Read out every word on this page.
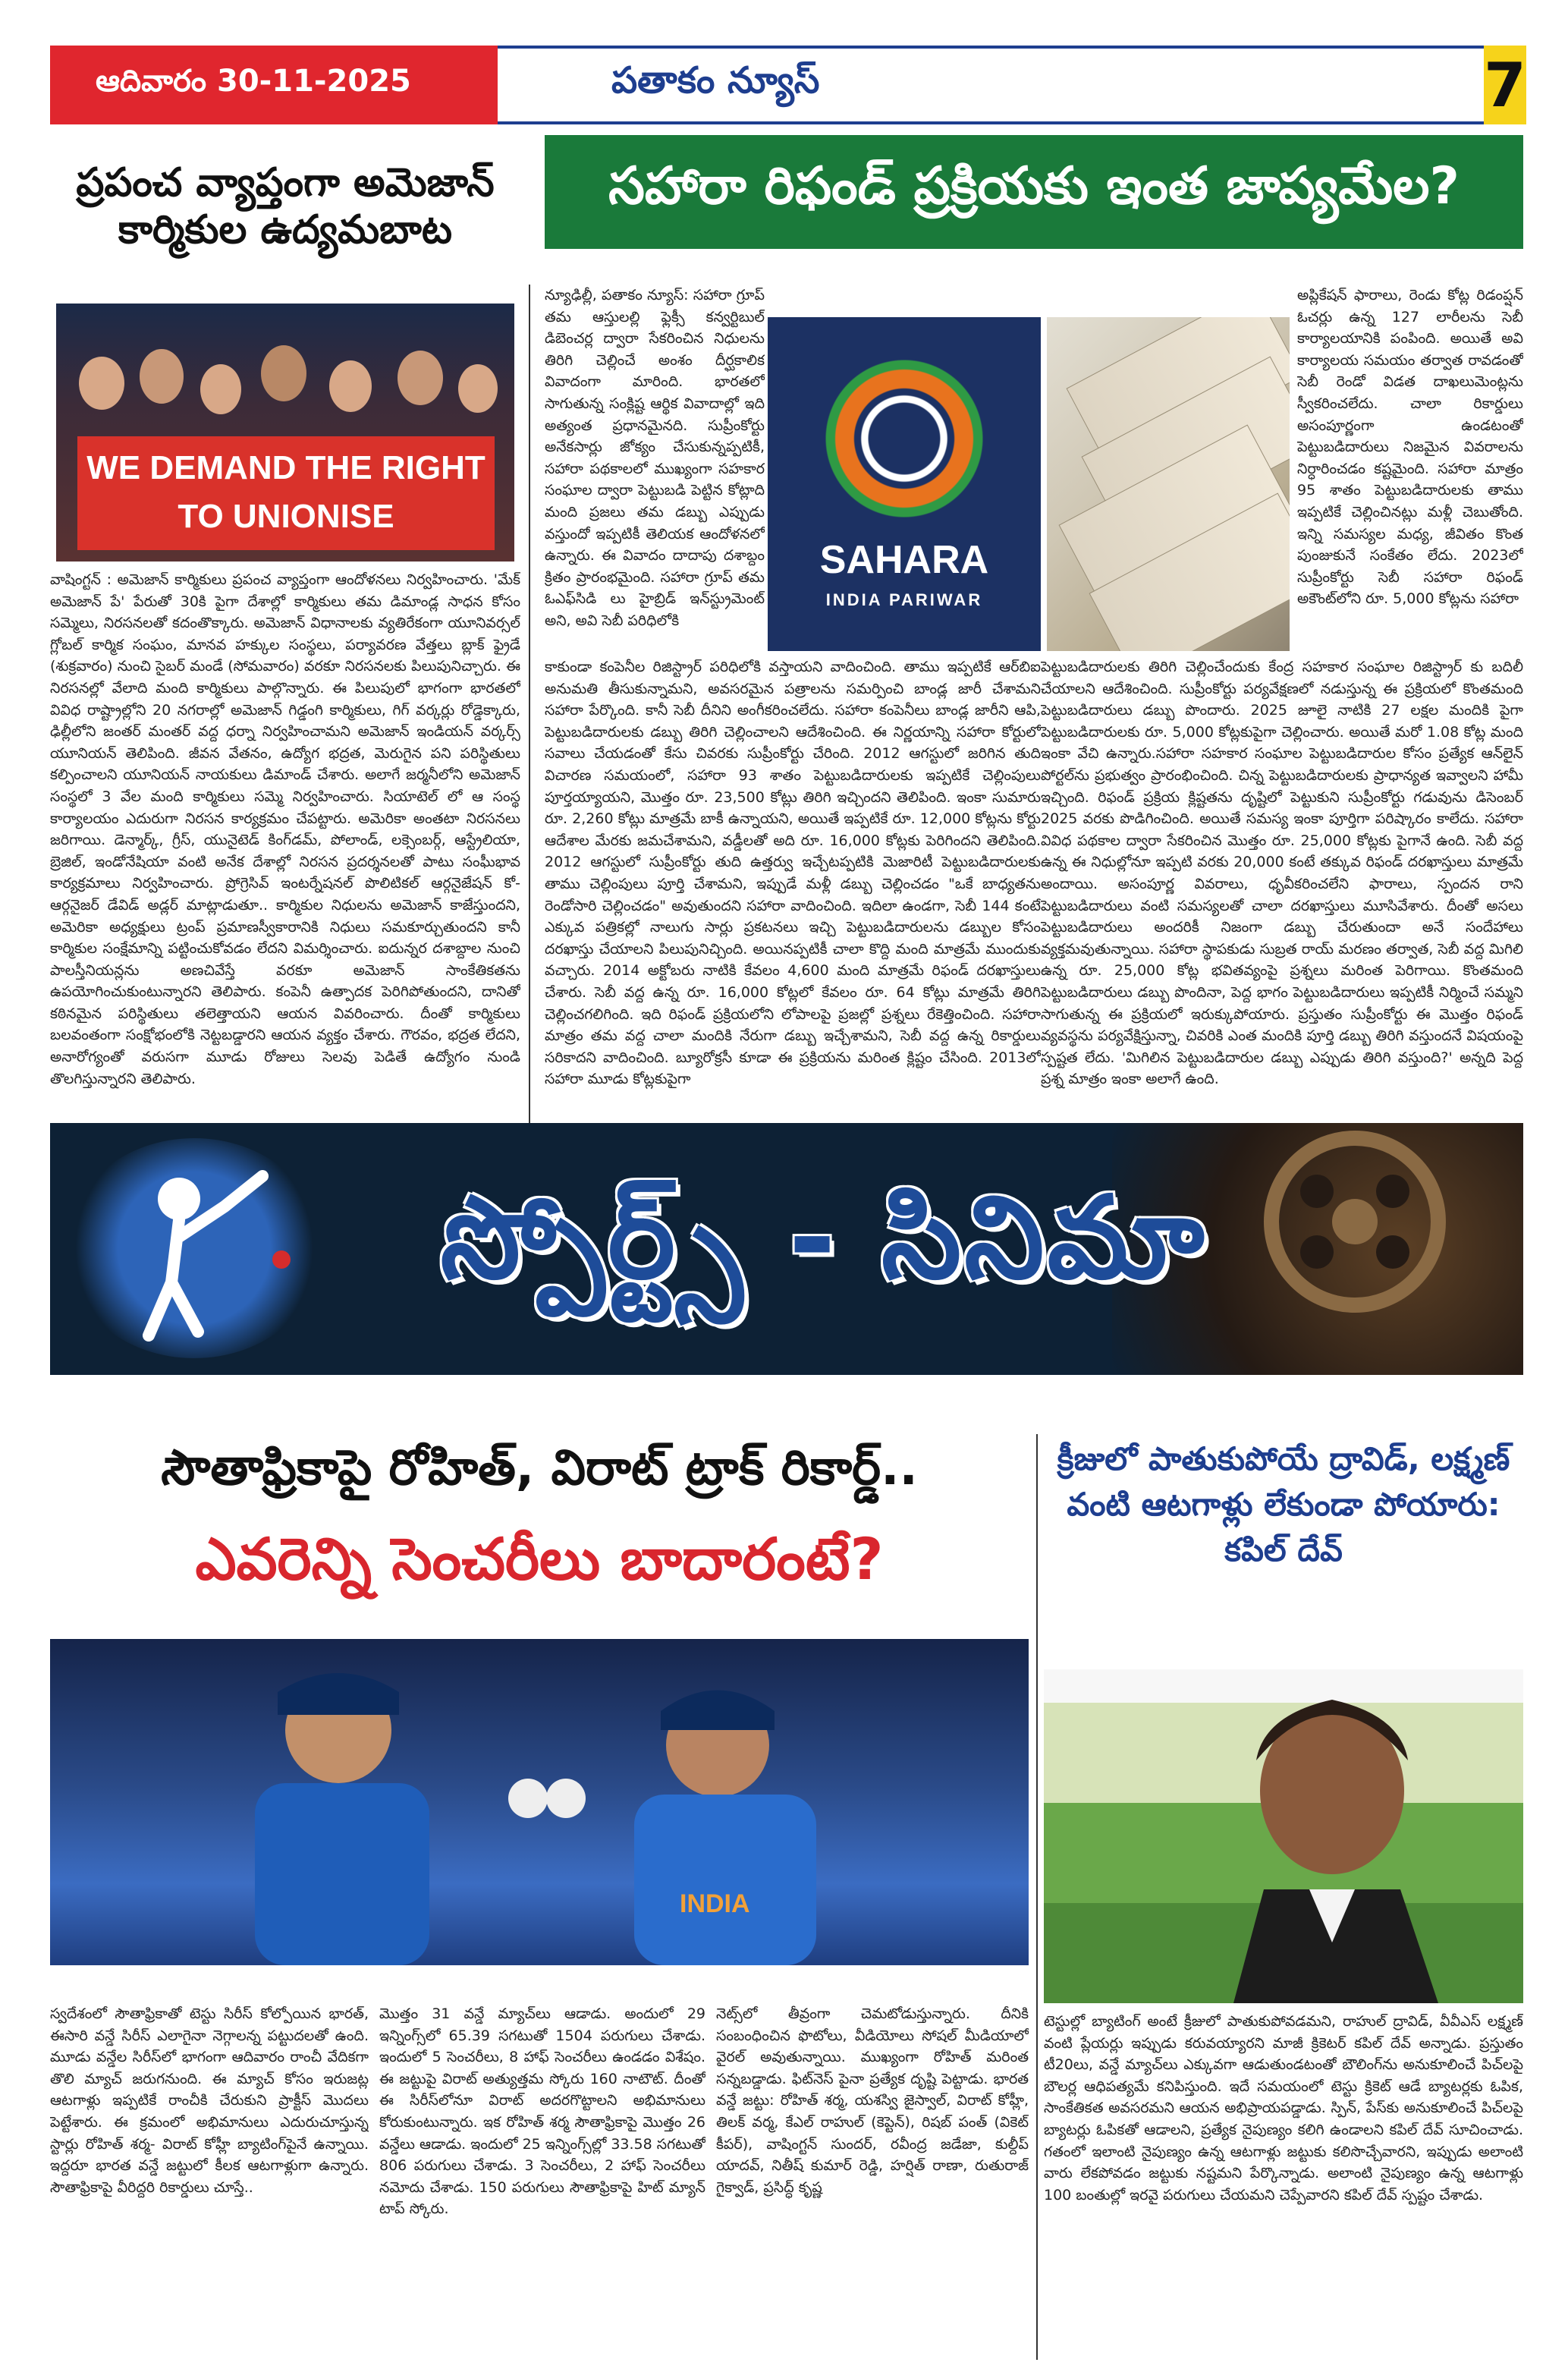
ఆదివారం 30-11-2025	పతాకం న్యూస్	7
ప్రపంచ వ్యాప్తంగా అమెజాన్ కార్మికుల ఉద్యమబాట
WE DEMAND THE RIGHT TO UNIONISE
వాషింగ్టన్ : అమెజాన్ కార్మికులు ప్రపంచ వ్యాప్తంగా ఆందోళనలు నిర్వహించారు. 'మేక్ అమెజాన్ పే' పేరుతో 30కి పైగా దేశాల్లో కార్మికులు తమ డిమాండ్ల సాధన కోసం సమ్మెలు, నిరసనలతో కదంతొక్కారు. అమెజాన్ విధానాలకు వ్యతిరేకంగా యూనివర్సల్ గ్లోబల్ కార్మిక సంఘం, మానవ హక్కుల సంస్థలు, పర్యావరణ వేత్తలు బ్లాక్ ఫ్రైడే (శుక్రవారం) నుంచి సైబర్ మండే (సోమవారం) వరకూ నిరసనలకు పిలుపునిచ్చారు. ఈ నిరసనల్లో వేలాది మంది కార్మికులు పాల్గొన్నారు. ఈ పిలుపులో భాగంగా భారతలో వివిధ రాష్ట్రాల్లోని 20 నగరాల్లో అమెజాన్ గిడ్డంగి కార్మికులు, గిగ్ వర్కర్లు రోడ్డెక్కారు, ఢిల్లీలోని జంతర్ మంతర్ వద్ద ధర్నా నిర్వహించామని అమెజాన్ ఇండియన్ వర్కర్స్ యూనియన్ తెలిపింది. జీవన వేతనం, ఉద్యోగ భద్రత, మెరుగైన పని పరిస్థితులు కల్పించాలని యూనియన్ నాయకులు డిమాండ్ చేశారు. అలాగే జర్మనీలోని అమెజాన్ సంస్థలో 3 వేల మంది కార్మికులు సమ్మె నిర్వహించారు. సియాటెల్ లో ఆ సంస్థ కార్యాలయం ఎదురుగా నిరసన కార్యక్రమం చేపట్టారు. అమెరికా అంతటా నిరసనలు జరిగాయి. డెన్మార్క్, గ్రీస్, యునైటెడ్ కింగ్‌డమ్, పోలాండ్, లక్సెంబర్గ్, ఆస్ట్రేలియా, బ్రెజిల్, ఇండోనేషియా వంటి అనేక దేశాల్లో నిరసన ప్రదర్శనలతో పాటు సంఘీభావ కార్యక్రమాలు నిర్వహించారు. ప్రోగ్రెసివ్ ఇంటర్నేషనల్ పొలిటికల్ ఆర్గనైజేషన్ కో-ఆర్గనైజర్ డేవిడ్ అడ్లర్ మాట్లాడుతూ.. కార్మికుల నిధులను అమెజాన్ కాజేస్తుందని, అమెరికా అధ్యక్షులు ట్రంప్ ప్రమాణస్వీకారానికి నిధులు సమకూర్చుతుందని కానీ కార్మికుల సంక్షేమాన్ని పట్టించుకోవడం లేదని విమర్శించారు. ఐదున్నర దశాబ్దాల నుంచి పాలస్తీనియన్లను అణచివేస్తే వరకూ అమెజాన్ సాంకేతికతను ఉపయోగించుకుంటున్నారని తెలిపారు. కంపెనీ ఉత్పాదక పెరిగిపోతుందని, దానితో కఠినమైన పరిస్థితులు తలెత్తాయని ఆయన వివరించారు. దీంతో కార్మికులు బలవంతంగా సంక్షోభంలోకి నెట్టబడ్డారని ఆయన వ్యక్తం చేశారు. గౌరవం, భద్రత లేదని, అనారోగ్యంతో వరుసగా మూడు రోజులు సెలవు పెడితే ఉద్యోగం నుండి తొలగిస్తున్నారని తెలిపారు.
సహారా రిఫండ్ ప్రక్రియకు ఇంత జాప్యమేల?
న్యూఢిల్లీ, పతాకం న్యూస్: సహారా గ్రూప్ తమ ఆస్తులల్లి ఫ్లెక్సీ కన్వర్టిబుల్ డిబెంచర్ల ద్వారా సేకరించిన నిధులను తిరిగి చెల్లించే అంశం దీర్ఘకాలిక వివాదంగా మారింది. భారతలో సాగుతున్న సంక్లిష్ట ఆర్థిక వివాదాల్లో ఇది అత్యంత ప్రధానమైనది. సుప్రీంకోర్టు అనేకసార్లు జోక్యం చేసుకున్నప్పటికీ, సహారా పథకాలలో ముఖ్యంగా సహకార సంఘాల ద్వారా పెట్టుబడి పెట్టిన కోట్లాది మంది ప్రజలు తమ డబ్బు ఎప్పుడు వస్తుందో ఇప్పటికీ తెలియక ఆందోళనలో ఉన్నారు. ఈ వివాదం దాదాపు దశాబ్దం క్రితం ప్రారంభమైంది. సహారా గ్రూప్ తమ ఓఎఫ్‌సిడి లు హైబ్రిడ్ ఇన్‌స్ట్రుమెంట్ అని, అవి సెబీ పరిధిలోకి
SAHARA
INDIA PARIWAR
అప్లికేషన్ ఫారాలు, రెండు కోట్ల రిడంప్షన్ ఓచర్లు ఉన్న 127 లారీలను సెబీ కార్యాలయానికి పంపింది. అయితే అవి కార్యాలయ సమయం తర్వాత రావడంతో సెబీ రెండో విడత దాఖలుమెంట్లను స్వీకరించలేదు. చాలా రికార్డులు అసంపూర్ణంగా ఉండటంతో పెట్టుబడిదారులు నిజమైన వివరాలను నిర్ధారించడం కష్టమైంది. సహారా మాత్రం 95 శాతం పెట్టుబడిదారులకు తాము ఇప్పటికే చెల్లించినట్లు మళ్లీ చెబుతోంది. ఇన్ని సమస్యల మధ్య, జీవితం కొంత పుంజుకునే సంకేతం లేదు. 2023లో సుప్రీంకోర్టు సెబీ సహారా రిఫండ్ అకౌంట్‌లోని రూ. 5,000 కోట్లను సహారా
కాకుండా కంపెనీల రిజిస్ట్రార్ పరిధిలోకి వస్తాయని వాదించింది. తాము ఇప్పటికే ఆర్‌బిఐ అనుమతి తీసుకున్నామని, అవసరమైన పత్రాలను సమర్పించి బాండ్ల జారీ చేశామని సహారా పేర్కొంది. కానీ సెబీ దీనిని అంగీకరించలేదు. సహారా కంపెనీలు బాండ్ల జారీని ఆపి, పెట్టుబడిదారులకు డబ్బు తిరిగి చెల్లించాలని ఆదేశించింది. ఈ నిర్ణయాన్ని సహారా కోర్టులో సవాలు చేయడంతో కేసు చివరకు సుప్రీంకోర్టు చేరింది. 2012 ఆగస్టులో జరిగిన తుది విచారణ సమయంలో, సహారా 93 శాతం పెట్టుబడిదారులకు ఇప్పటికే చెల్లింపులు పూర్తయ్యాయని, మొత్తం రూ. 23,500 కోట్లు తిరిగి ఇచ్చిందని తెలిపింది. ఇంకా సుమారు రూ. 2,260 కోట్లు మాత్రమే బాకీ ఉన్నాయని, అయితే ఇప్పటికే రూ. 12,000 కోట్లను కోర్టు ఆదేశాల మేరకు జమచేశామని, వడ్డీలతో అది రూ. 16,000 కోట్లకు పెరిగిందని తెలిపింది. 2012 ఆగస్టులో సుప్రీంకోర్టు తుది ఉత్తర్వు ఇచ్చేటప్పటికి మెజారిటీ పెట్టుబడిదారులకు తాము చెల్లింపులు పూర్తి చేశామని, ఇప్పుడే మళ్లీ డబ్బు చెల్లించడం "ఒకే బాధ్యతను రెండోసారి చెల్లించడం" అవుతుందని సహారా వాదించింది. ఇదిలా ఉండగా, సెబీ 144 కంటే ఎక్కువ పత్రికల్లో నాలుగు సార్లు ప్రకటనలు ఇచ్చి పెట్టుబడిదారులను డబ్బుల కోసం దరఖాస్తు చేయాలని పిలుపునిచ్చింది. అయినప్పటికీ చాలా కొద్ది మంది మాత్రమే ముందుకు వచ్చారు. 2014 అక్టోబరు నాటికి కేవలం 4,600 మంది మాత్రమే రిఫండ్ దరఖాస్తులు చేశారు. సెబీ వద్ద ఉన్న రూ. 16,000 కోట్లలో కేవలం రూ. 64 కోట్లు మాత్రమే తిరిగి చెల్లించగలిగింది. ఇది రిఫండ్ ప్రక్రియలోని లోపాలపై ప్రజల్లో ప్రశ్నలు రేకెత్తించింది. సహారా మాత్రం తమ వద్ద చాలా మందికి నేరుగా డబ్బు ఇచ్చేశామని, సెబీ వద్ద ఉన్న రికార్డులు సరికాదని వాదించింది. బ్యూరోక్రసీ కూడా ఈ ప్రక్రియను మరింత క్లిష్టం చేసింది. 2013లో సహారా మూడు కోట్లకుపైగా
పెట్టుబడిదారులకు తిరిగి చెల్లించేందుకు కేంద్ర సహకార సంఘాల రిజిస్ట్రార్ కు బదిలీ చేయాలని ఆదేశించింది. సుప్రీంకోర్టు పర్యవేక్షణలో నడుస్తున్న ఈ ప్రక్రియలో కొంతమంది పెట్టుబడిదారులు డబ్బు పొందారు. 2025 జూలై నాటికి 27 లక్షల మందికి పైగా పెట్టుబడిదారులకు రూ. 5,000 కోట్లకుపైగా చెల్లించారు. అయితే మరో 1.08 కోట్ల మంది ఇంకా వేచి ఉన్నారు.సహారా సహకార సంఘాల పెట్టుబడిదారుల కోసం ప్రత్యేక ఆన్‌లైన్ పోర్టల్‌ను ప్రభుత్వం ప్రారంభించింది. చిన్న పెట్టుబడిదారులకు ప్రాధాన్యత ఇవ్వాలని హామీ ఇచ్చింది. రిఫండ్ ప్రక్రియ క్లిష్టతను దృష్టిలో పెట్టుకుని సుప్రీంకోర్టు గడువును డిసెంబర్ 2025 వరకు పొడిగించింది. అయితే సమస్య ఇంకా పూర్తిగా పరిష్కారం కాలేదు. సహారా వివిధ పథకాల ద్వారా సేకరించిన మొత్తం రూ. 25,000 కోట్లకు పైగానే ఉంది. సెబీ వద్ద ఉన్న ఈ నిధుల్లోనూ ఇప్పటి వరకు 20,000 కంటే తక్కువ రిఫండ్ దరఖాస్తులు మాత్రమే అందాయి. అసంపూర్ణ వివరాలు, ధృవీకరించలేని ఫారాలు, స్పందన రాని పెట్టుబడిదారులు వంటి సమస్యలతో చాలా దరఖాస్తులు మూసివేశారు. దీంతో అసలు పెట్టుబడిదారులు అందరికీ నిజంగా డబ్బు చేరుతుందా అనే సందేహాలు వ్యక్తమవుతున్నాయి. సహారా స్థాపకుడు సుబ్రత రాయ్ మరణం తర్వాత, సెబీ వద్ద మిగిలి ఉన్న రూ. 25,000 కోట్ల భవితవ్యంపై ప్రశ్నలు మరింత పెరిగాయి. కొంతమంది పెట్టుబడిదారులు డబ్బు పొందినా, పెద్ద భాగం పెట్టుబడిదారులు ఇప్పటికీ నిర్మించే సమ్మని సాగుతున్న ఈ ప్రక్రియలో ఇరుక్కుపోయారు. ప్రస్తుతం సుప్రీంకోర్టు ఈ మొత్తం రిఫండ్ వ్యవస్థను పర్యవేక్షిస్తున్నా, చివరికి ఎంత మందికి పూర్తి డబ్బు తిరిగి వస్తుందనే విషయంపై స్పష్టత లేదు. 'మిగిలిన పెట్టుబడిదారుల డబ్బు ఎప్పుడు తిరిగి వస్తుంది?' అన్నది పెద్ద ప్రశ్న మాత్రం ఇంకా అలాగే ఉంది.
స్పోర్ట్స్ - సినిమా
సౌతాఫ్రికాపై రోహిత్, విరాట్ ట్రాక్ రికార్డ్..
ఎవరెన్ని సెంచరీలు బాదారంటే?
INDIA
స్వదేశంలో సౌతాఫ్రికాతో టెస్టు సిరీస్ కోల్పోయిన భారత్, ఈసారి వన్డే సిరీస్ ఎలాగైనా నెగ్గాలన్న పట్టుదలతో ఉంది. మూడు వన్డేల సిరీస్‌లో భాగంగా ఆదివారం రాంచీ వేదికగా తొలి మ్యాచ్ జరుగనుంది. ఈ మ్యాచ్ కోసం ఇరుజట్ల ఆటగాళ్లు ఇప్పటికే రాంచీకి చేరుకుని ప్రాక్టీస్ మొదలు పెట్టేశారు. ఈ క్రమంలో అభిమానులు ఎదురుచూస్తున్న స్టార్లు రోహిత్ శర్మ- విరాట్ కోహ్లీ బ్యాటింగ్‌పైనే ఉన్నాయి. ఇద్దరూ భారత వన్డే జట్టులో కీలక ఆటగాళ్లుగా ఉన్నారు. సౌతాఫ్రికాపై వీరిద్దరి రికార్డులు చూస్తే..
మొత్తం 31 వన్డే మ్యాచ్‌లు ఆడాడు. అందులో 29 ఇన్నింగ్స్‌లో 65.39 సగటుతో 1504 పరుగులు చేశాడు. ఇందులో 5 సెంచరీలు, 8 హాఫ్ సెంచరీలు ఉండడం విశేషం. ఈ జట్టుపై విరాట్ అత్యుత్తమ స్కోరు 160 నాటౌట్. దీంతో ఈ సిరీస్‌లోనూ విరాట్ అదరగొట్టాలని అభిమానులు కోరుకుంటున్నారు. ఇక రోహిత్ శర్మ సౌతాఫ్రికాపై మొత్తం 26 వన్డేలు ఆడాడు. ఇందులో 25 ఇన్నింగ్స్‌ల్లో 33.58 సగటుతో 806 పరుగులు చేశాడు. 3 సెంచరీలు, 2 హాఫ్ సెంచరీలు నమోదు చేశాడు. 150 పరుగులు సౌతాఫ్రికాపై హిట్ మ్యాన్ టాప్ స్కోరు.
నెట్స్‌లో తీవ్రంగా చెమటోడుస్తున్నారు. దీనికి సంబంధించిన ఫొటోలు, వీడియోలు సోషల్ మీడియాలో వైరల్ అవుతున్నాయి. ముఖ్యంగా రోహిత్ మరింత సన్నబడ్డాడు. ఫిట్‌నెస్ పైనా ప్రత్యేక దృష్టి పెట్టాడు. భారత వన్డే జట్టు: రోహిత్ శర్మ, యశస్వి జైస్వాల్, విరాట్ కోహ్లీ, తిలక్ వర్మ, కేఎల్ రాహుల్ (కెప్టెన్), రిషబ్ పంత్ (వికెట్ కీపర్), వాషింగ్టన్ సుందర్, రవీంద్ర జడేజా, కుల్దీప్ యాదవ్, నితీష్ కుమార్ రెడ్డి, హర్షిత్ రాణా, రుతురాజ్ గైక్వాడ్, ప్రసిద్ధ్ కృష్ణ
క్రీజులో పాతుకుపోయే ద్రావిడ్, లక్ష్మణ్ వంటి ఆటగాళ్లు లేకుండా పోయారు: కపిల్ దేవ్
టెస్టుల్లో బ్యాటింగ్ అంటే క్రీజులో పాతుకుపోవడమని, రాహుల్ ద్రావిడ్, వీవీఎస్ లక్ష్మణ్ వంటి ప్లేయర్లు ఇప్పుడు కరువయ్యారని మాజీ క్రికెటర్ కపిల్ దేవ్ అన్నాడు. ప్రస్తుతం టీ20లు, వన్డే మ్యాచ్‌లు ఎక్కువగా ఆడుతుండటంతో బౌలింగ్‌ను అనుకూలించే పిచ్‌లపై బౌలర్ల ఆధిపత్యమే కనిపిస్తుంది. ఇదే సమయంలో టెస్టు క్రికెట్ ఆడే బ్యాటర్లకు ఓపిక, సాంకేతికత అవసరమని ఆయన అభిప్రాయపడ్డాడు. స్పిన్, పేస్‌కు అనుకూలించే పిచ్‌లపై బ్యాటర్లు ఓపికతో ఆడాలని, ప్రత్యేక నైపుణ్యం కలిగి ఉండాలని కపిల్ దేవ్ సూచించాడు. గతంలో ఇలాంటి నైపుణ్యం ఉన్న ఆటగాళ్లు జట్టుకు కలిసొచ్చేవారని, ఇప్పుడు అలాంటి వారు లేకపోవడం జట్టుకు నష్టమని పేర్కొన్నాడు. అలాంటి నైపుణ్యం ఉన్న ఆటగాళ్లు 100 బంతుల్లో ఇరవై పరుగులు చేయమని చెప్పేవారని కపిల్ దేవ్ స్పష్టం చేశాడు.
